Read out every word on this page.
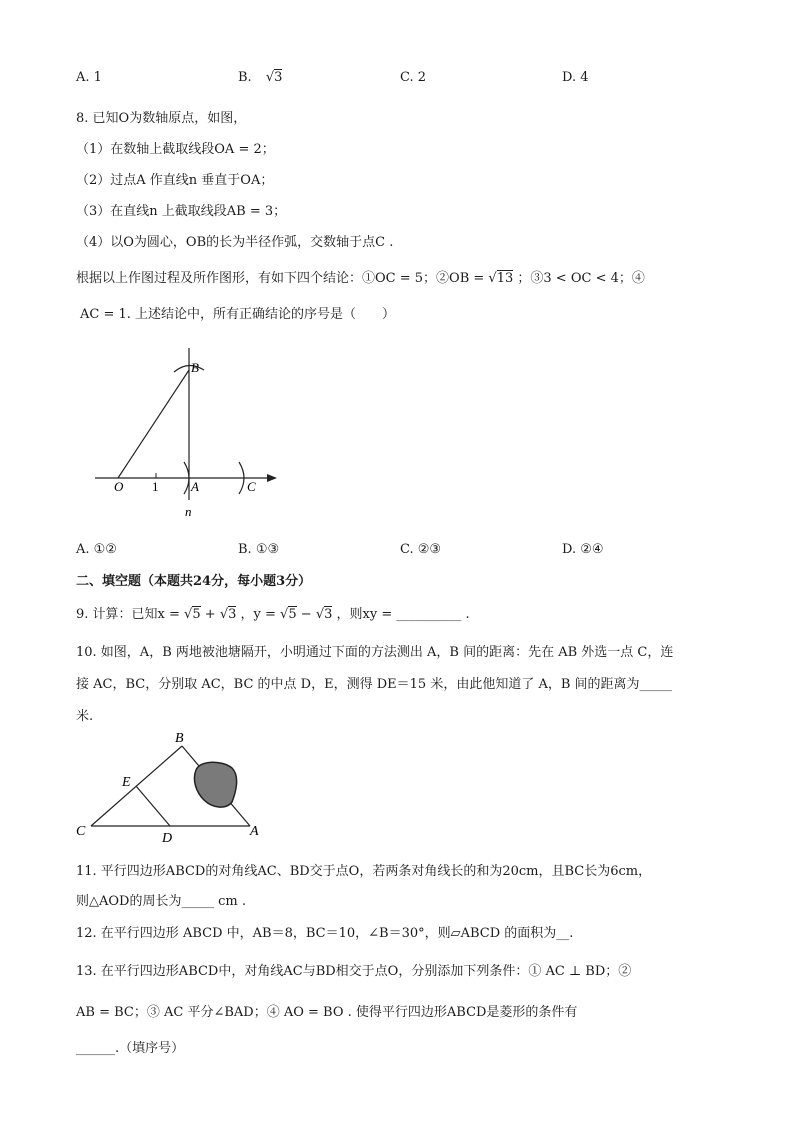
A. 1	B. √3	C. 2	D. 4
8. 已知O为数轴原点，如图，
（1）在数轴上截取线段OA = 2；
（2）过点A 作直线n 垂直于OA；
（3）在直线n 上截取线段AB = 3；
（4）以O为圆心，OB的长为半径作弧，交数轴于点C .
根据以上作图过程及所作图形，有如下四个结论：①OC = 5；②OB = √13 ；③3 < OC < 4；④
AC = 1. 上述结论中，所有正确结论的序号是（　　）
B
O 1	A	C
n
A. ①②	B. ①③	C. ②③	D. ②④
二、填空题（本题共24分，每小题3分）
9. 计算：已知x = √5 + √3 ，y = √5 − √3 ，则xy = __________ .
10. 如图，A，B 两地被池塘隔开，小明通过下面的方法测出 A，B 间的距离：先在 AB 外选一点 C，连
接 AC，BC，分别取 AC，BC 的中点 D，E，测得 DE＝15 米，由此他知道了 A，B 间的距离为_____
米.
B
E
C	D	A
11. 平行四边形ABCD的对角线AC、BD交于点O，若两条对角线长的和为20cm，且BC长为6cm，
则△AOD的周长为_____ cm .
12. 在平行四边形 ABCD 中，AB＝8，BC＝10，∠B＝30°，则▱ABCD 的面积为__.
13. 在平行四边形ABCD中，对角线AC与BD相交于点O，分别添加下列条件：① AC ⊥ BD；②
AB = BC；③ AC 平分∠BAD；④ AO = BO . 使得平行四边形ABCD是菱形的条件有
______.（填序号）
